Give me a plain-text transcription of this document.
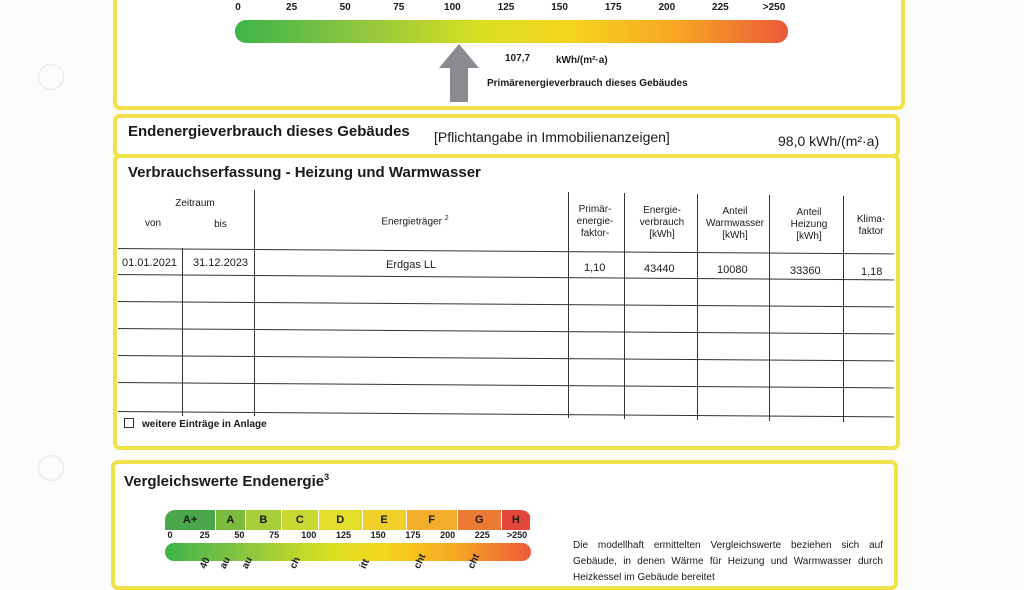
0	25	50	75	100	125	150	175	200	225	>250
107,7	kWh/(m²·a)
Primärenergieverbrauch dieses Gebäudes
Endenergieverbrauch dieses Gebäudes [Pflichtangabe in Immobilienanzeigen]	98,0 kWh/(m²·a)
Verbrauchserfassung - Heizung und Warmwasser
Zeitraum
von	bis	Energieträger $^2$
Primär-
energie-
faktor-
Energie-
verbrauch
[kWh]
Anteil
Warmwasser
[kWh]
Anteil
Heizung
[kWh]
Klima-
faktor
01.01.2021 31.12.2023	Erdgas LL	1,10	43440	10080	33360	1,18
weitere Einträge in Anlage
Vergleichswerte Endenergie$^3$
A+	A	B	C	D	E	F	G	H
0	25	50	75 100 125 150 175 200 225 >250
40 au au	ch	itt	cht	cht
Die modellhaft ermittelten Vergleichswerte beziehen sich auf Gebäude, in denen Wärme für Heizung und Warmwasser durch Heizkessel im Gebäude bereitet
